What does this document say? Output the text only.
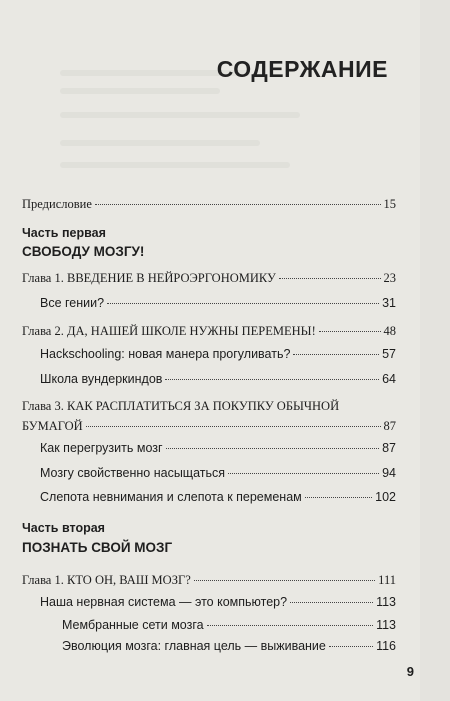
СОДЕРЖАНИЕ
Предисловие	15
Часть первая
СВОБОДУ МОЗГУ!
Глава 1. ВВЕДЕНИЕ В НЕЙРОЭРГОНОМИКУ	23
Все гении?	31
Глава 2. ДА, НАШЕЙ ШКОЛЕ НУЖНЫ ПЕРЕМЕНЫ!	48
Hackschooling: новая манера прогуливать?	57
Школа вундеркиндов	64
Глава 3. КАК РАСПЛАТИТЬСЯ ЗА ПОКУПКУ ОБЫЧНОЙ
БУМАГОЙ	87
Как перегрузить мозг	87
Мозгу свойственно насыщаться	94
Слепота невнимания и слепота к переменам	102
Часть вторая
ПОЗНАТЬ СВОЙ МОЗГ
Глава 1. КТО ОН, ВАШ МОЗГ?	111
Наша нервная система — это компьютер?	113
Мембранные сети мозга	113
Эволюция мозга: главная цель — выживание	116
9
